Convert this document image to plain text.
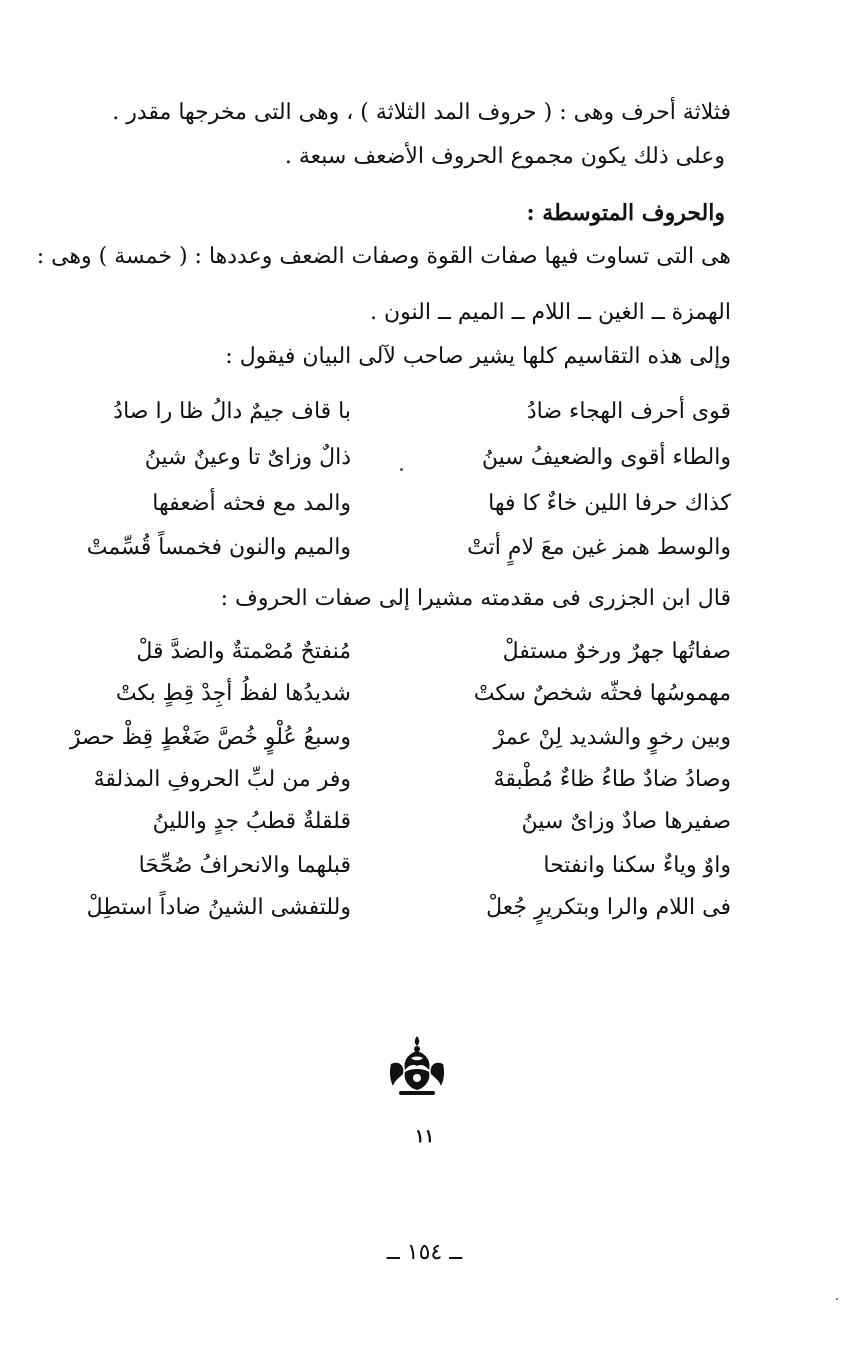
فثلاثة أحرف وهى : ( حروف المد الثلاثة ) ، وهى التى مخرجها مقدر .
وعلى ذلك يكون مجموع الحروف الأضعف سبعة .
والحروف المتوسطة :
هى التى تساوت فيها صفات القوة وصفات الضعف وعددها : ( خمسة ) وهى :
الهمزة ــ الغين ــ اللام ــ الميم ــ النون .
وإلى هذه التقاسيم كلها يشير صاحب لآلى البيان فيقول :
قوى أحرف الهجاء ضادُ
با قاف جيمٌ دالُ ظا را صادُ
والطاء أقوى والضعيفُ سينُ
ذالٌ وزاىٌ تا وعينٌ شينُ
كذاك حرفا اللين خاءٌ كا فها
والمد مع فحثه أضعفها
والوسط همز غين معَ لامٍ أتتْ
والميم والنون فخمساً قُسِّمتْ
قال ابن الجزرى فى مقدمته مشيرا إلى صفات الحروف :
صفاتُها جهرٌ ورخوٌ مستفلْ
مُنفتحٌ مُصْمتةٌ والضدَّ قلْ
مهموسُها فحثّه شخصٌ سكتْ
شديدُها لفظُ أجِدْ قِطٍ بكتْ
وبين رخوٍ والشديد لِنْ عمرْ
وسبعُ عُلْوٍ خُصَّ ضَغْطٍ قِظْ حصرْ
وصادُ ضادٌ طاءُ ظاءٌ مُطْبقهْ
وفر من لبِّ الحروفِ المذلقهْ
صفيرها صادٌ وزاىٌ سينُ
قلقلةٌ قطبُ جدٍ واللينُ
واوٌ وياءٌ سكنا وانفتحا
قبلهما والانحرافُ صُحِّحَا
فى اللام والرا وبتكريرٍ جُعلْ
وللتفشى الشينُ ضاداً استطِلْ
١١
ــ ١٥٤ ــ
